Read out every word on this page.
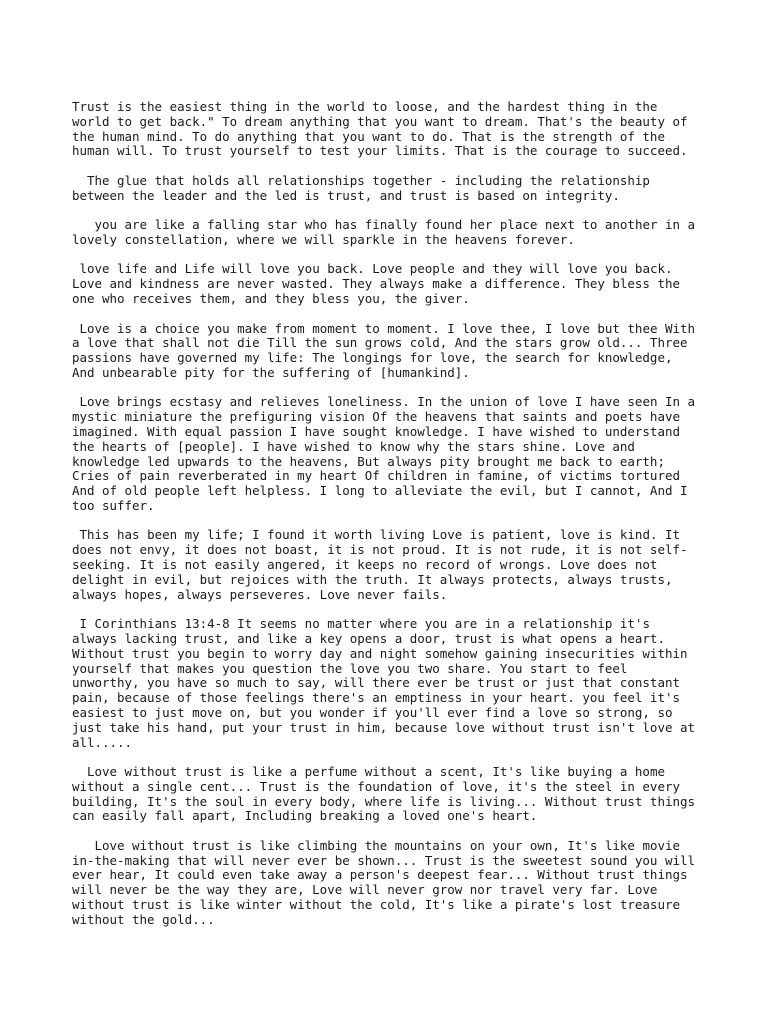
Trust is the easiest thing in the world to loose, and the hardest thing in the world to get back." To dream anything that you want to dream. That's the beauty of the human mind. To do anything that you want to do. That is the strength of the human will. To trust yourself to test your limits. That is the courage to succeed.

The glue that holds all relationships together - including the relationship between the leader and the led is trust, and trust is based on integrity.

you are like a falling star who has finally found her place next to another in a lovely constellation, where we will sparkle in the heavens forever.

love life and Life will love you back. Love people and they will love you back. Love and kindness are never wasted. They always make a difference. They bless the one who receives them, and they bless you, the giver.

Love is a choice you make from moment to moment. I love thee, I love but thee With a love that shall not die Till the sun grows cold, And the stars grow old... Three passions have governed my life: The longings for love, the search for knowledge, And unbearable pity for the suffering of [humankind].

Love brings ecstasy and relieves loneliness. In the union of love I have seen In a mystic miniature the prefiguring vision Of the heavens that saints and poets have imagined. With equal passion I have sought knowledge. I have wished to understand the hearts of [people]. I have wished to know why the stars shine. Love and knowledge led upwards to the heavens, But always pity brought me back to earth; Cries of pain reverberated in my heart Of children in famine, of victims tortured And of old people left helpless. I long to alleviate the evil, but I cannot, And I too suffer.

This has been my life; I found it worth living Love is patient, love is kind. It does not envy, it does not boast, it is not proud. It is not rude, it is not self-seeking. It is not easily angered, it keeps no record of wrongs. Love does not delight in evil, but rejoices with the truth. It always protects, always trusts, always hopes, always perseveres. Love never fails.

I Corinthians 13:4-8 It seems no matter where you are in a relationship it's always lacking trust, and like a key opens a door, trust is what opens a heart. Without trust you begin to worry day and night somehow gaining insecurities within yourself that makes you question the love you two share. You start to feel unworthy, you have so much to say, will there ever be trust or just that constant pain, because of those feelings there's an emptiness in your heart. you feel it's easiest to just move on, but you wonder if you'll ever find a love so strong, so just take his hand, put your trust in him, because love without trust isn't love at all.....

Love without trust is like a perfume without a scent, It's like buying a home without a single cent... Trust is the foundation of love, it's the steel in every building, It's the soul in every body, where life is living... Without trust things can easily fall apart, Including breaking a loved one's heart.

Love without trust is like climbing the mountains on your own, It's like movie in-the-making that will never ever be shown... Trust is the sweetest sound you will ever hear, It could even take away a person's deepest fear... Without trust things will never be the way they are, Love will never grow nor travel very far. Love without trust is like winter without the cold, It's like a pirate's lost treasure without the gold...
